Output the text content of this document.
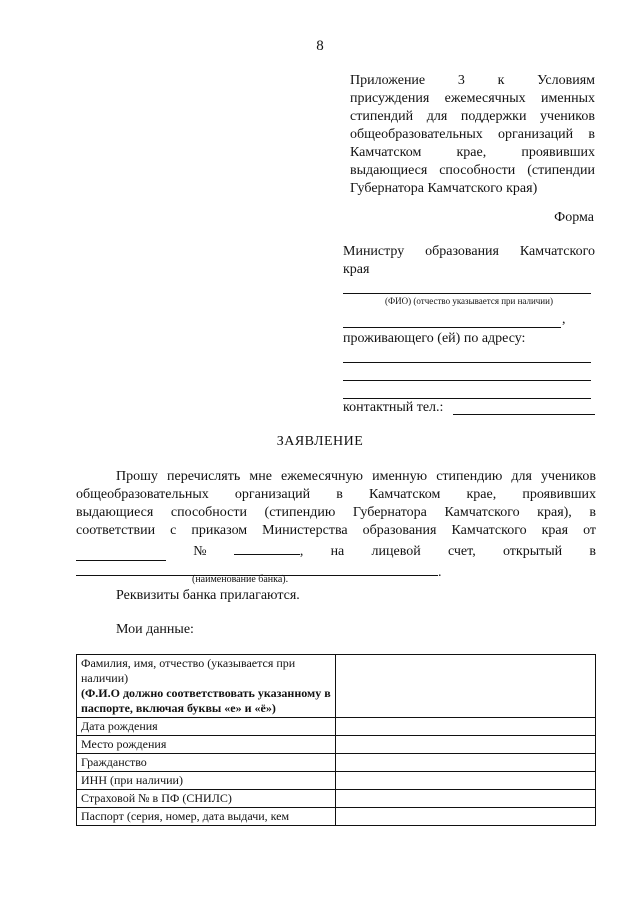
8
Приложение 3 к Условиям
присуждения ежемесячных именных
стипендий для поддержки учеников
общеобразовательных организаций в
Камчатском крае, проявивших
выдающиеся способности (стипендии
Губернатора Камчатского края)
Форма
Министру образования Камчатского
края
(ФИО) (отчество указывается при наличии)
,
проживающего (ей) по адресу:
контактный тел.:
ЗАЯВЛЕНИЕ
Прошу перечислять мне ежемесячную именную стипендию для учеников
общеобразовательных организаций в Камчатском крае, проявивших
выдающиеся способности (стипендию Губернатора Камчатского края), в
соответствии с приказом Министерства образования Камчатского края от
№	, на лицевой счет, открытый в
.
(наименование банка).
Реквизиты банка прилагаются.
Мои данные:
Фамилия, имя, отчество (указывается при наличии)
(Ф.И.О должно соответствовать указанному в паспорте, включая буквы «е» и «ё»)	
Дата рождения	
Место рождения	
Гражданство	
ИНН (при наличии)	
Страховой № в ПФ (СНИЛС)	
Паспорт (серия, номер, дата выдачи, кем	
